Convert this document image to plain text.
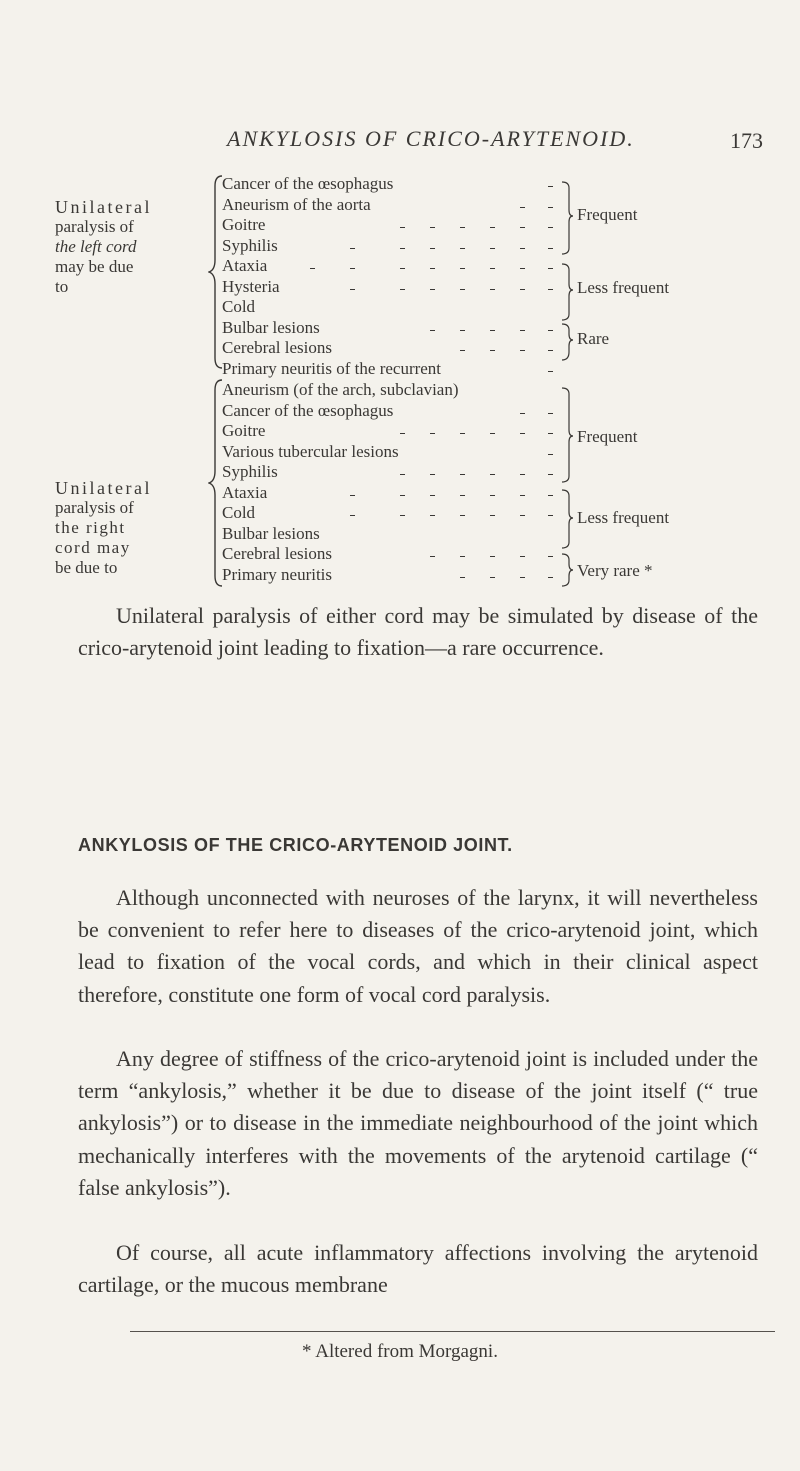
ANKYLOSIS OF CRICO-ARYTENOID.	173
Unilateral
paralysis of
the left cord
may be due
to
Cancer of the œsophagus
Aneurism of the aorta
Goitre
Syphilis
Ataxia
Hysteria
Cold
Bulbar lesions
Cerebral lesions
Primary neuritis of the recurrent
Frequent
Less frequent
Rare
Unilateral
paralysis of
the right
cord may
be due to
Aneurism (of the arch, subclavian)
Cancer of the œsophagus
Goitre
Various tubercular lesions
Syphilis
Ataxia
Cold
Bulbar lesions
Cerebral lesions
Primary neuritis
Frequent
Less frequent
Very rare *

Unilateral paralysis of either cord may be simulated by disease of the crico-arytenoid joint leading to fixation—a rare occurrence.

ANKYLOSIS OF THE CRICO-ARYTENOID JOINT.

Although unconnected with neuroses of the larynx, it will nevertheless be convenient to refer here to diseases of the crico-arytenoid joint, which lead to fixation of the vocal cords, and which in their clinical aspect therefore, constitute one form of vocal cord paralysis.

Any degree of stiffness of the crico-arytenoid joint is included under the term “ankylosis,” whether it be due to disease of the joint itself (“ true ankylosis”) or to disease in the immediate neighbourhood of the joint which mechanically interferes with the movements of the arytenoid cartilage (“ false ankylosis”).

Of course, all acute inflammatory affections involving the arytenoid cartilage, or the mucous membrane

* Altered from Morgagni.
